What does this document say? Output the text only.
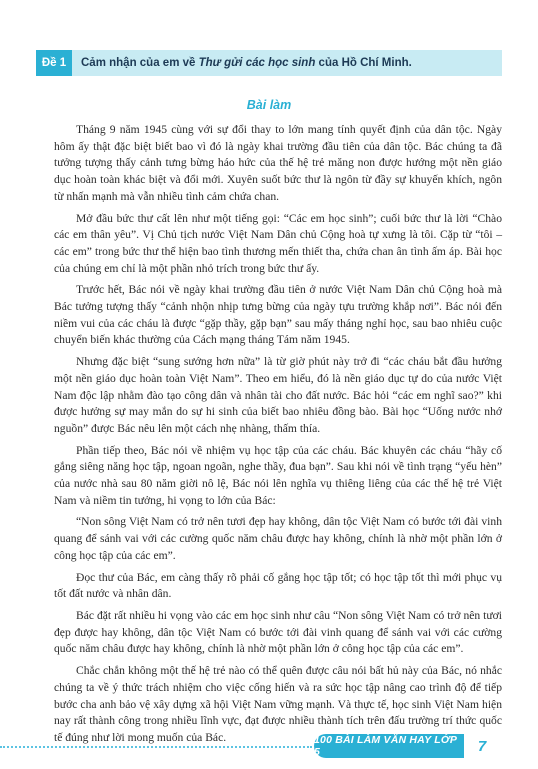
Đề 1	Cảm nhận của em về Thư gửi các học sinh của Hồ Chí Minh.
Bài làm

Tháng 9 năm 1945 cùng với sự đổi thay to lớn mang tính quyết định của dân tộc. Ngày hôm ấy thật đặc biệt biết bao vì đó là ngày khai trường đầu tiên của dân tộc. Bác chúng ta đã tưởng tượng thấy cảnh tưng bừng háo hức của thế hệ trẻ măng non được hướng một nền giáo dục hoàn toàn khác biệt và đổi mới. Xuyên suốt bức thư là ngôn từ đầy sự khuyến khích, ngôn từ nhấn mạnh mà vẫn nhiều tình cảm chứa chan.

Mở đầu bức thư cất lên như một tiếng gọi: “Các em học sinh”; cuối bức thư là lời “Chào các em thân yêu”. Vị Chủ tịch nước Việt Nam Dân chủ Cộng hoà tự xưng là tôi. Cặp từ “tôi – các em” trong bức thư thể hiện bao tình thương mến thiết tha, chứa chan ân tình ấm áp. Bài học của chúng em chỉ là một phần nhỏ trích trong bức thư ấy.

Trước hết, Bác nói về ngày khai trường đầu tiên ở nước Việt Nam Dân chủ Cộng hoà mà Bác tưởng tượng thấy “cảnh nhộn nhịp tưng bừng của ngày tựu trường khắp nơi”. Bác nói đến niềm vui của các cháu là được “gặp thầy, gặp bạn” sau mấy tháng nghỉ học, sau bao nhiêu cuộc chuyển biến khác thường của Cách mạng tháng Tám năm 1945.

Nhưng đặc biệt “sung sướng hơn nữa” là từ giờ phút này trở đi “các cháu bắt đầu hưởng một nền giáo dục hoàn toàn Việt Nam”. Theo em hiểu, đó là nền giáo dục tự do của nước Việt Nam độc lập nhằm đào tạo công dân và nhân tài cho đất nước. Bác hỏi “các em nghĩ sao?” khi được hưởng sự may mắn do sự hi sinh của biết bao nhiêu đồng bào. Bài học “Uống nước nhớ nguồn” được Bác nêu lên một cách nhẹ nhàng, thấm thía.

Phần tiếp theo, Bác nói về nhiệm vụ học tập của các cháu. Bác khuyên các cháu “hãy cố gắng siêng năng học tập, ngoan ngoãn, nghe thầy, đua bạn”. Sau khi nói về tình trạng “yếu hèn” của nước nhà sau 80 năm giời nô lệ, Bác nói lên nghĩa vụ thiêng liêng của các thế hệ trẻ Việt Nam và niềm tin tưởng, hi vọng to lớn của Bác:

“Non sông Việt Nam có trở nên tươi đẹp hay không, dân tộc Việt Nam có bước tới đài vinh quang để sánh vai với các cường quốc năm châu được hay không, chính là nhờ một phần lớn ở công học tập của các em”.

Đọc thư của Bác, em càng thấy rõ phải cố gắng học tập tốt; có học tập tốt thì mới phục vụ tốt đất nước và nhân dân.

Bác đặt rất nhiều hi vọng vào các em học sinh như câu “Non sông Việt Nam có trở nên tươi đẹp được hay không, dân tộc Việt Nam có bước tới đài vinh quang để sánh vai với các cường quốc năm châu được hay không, chính là nhờ một phần lớn ở công học tập của các em”.

Chắc chắn không một thế hệ trẻ nào có thể quên được câu nói bất hủ này của Bác, nó nhắc chúng ta về ý thức trách nhiệm cho việc cống hiến và ra sức học tập nâng cao trình độ để tiếp bước cha anh bảo vệ xây dựng xã hội Việt Nam vững mạnh. Và thực tế, học sinh Việt Nam hiện nay rất thành công trong nhiều lĩnh vực, đạt được nhiều thành tích trên đấu trường trí thức quốc tế đúng như lời mong muốn của Bác.	100 BÀI LÀM VĂN HAY LỚP 5	7
